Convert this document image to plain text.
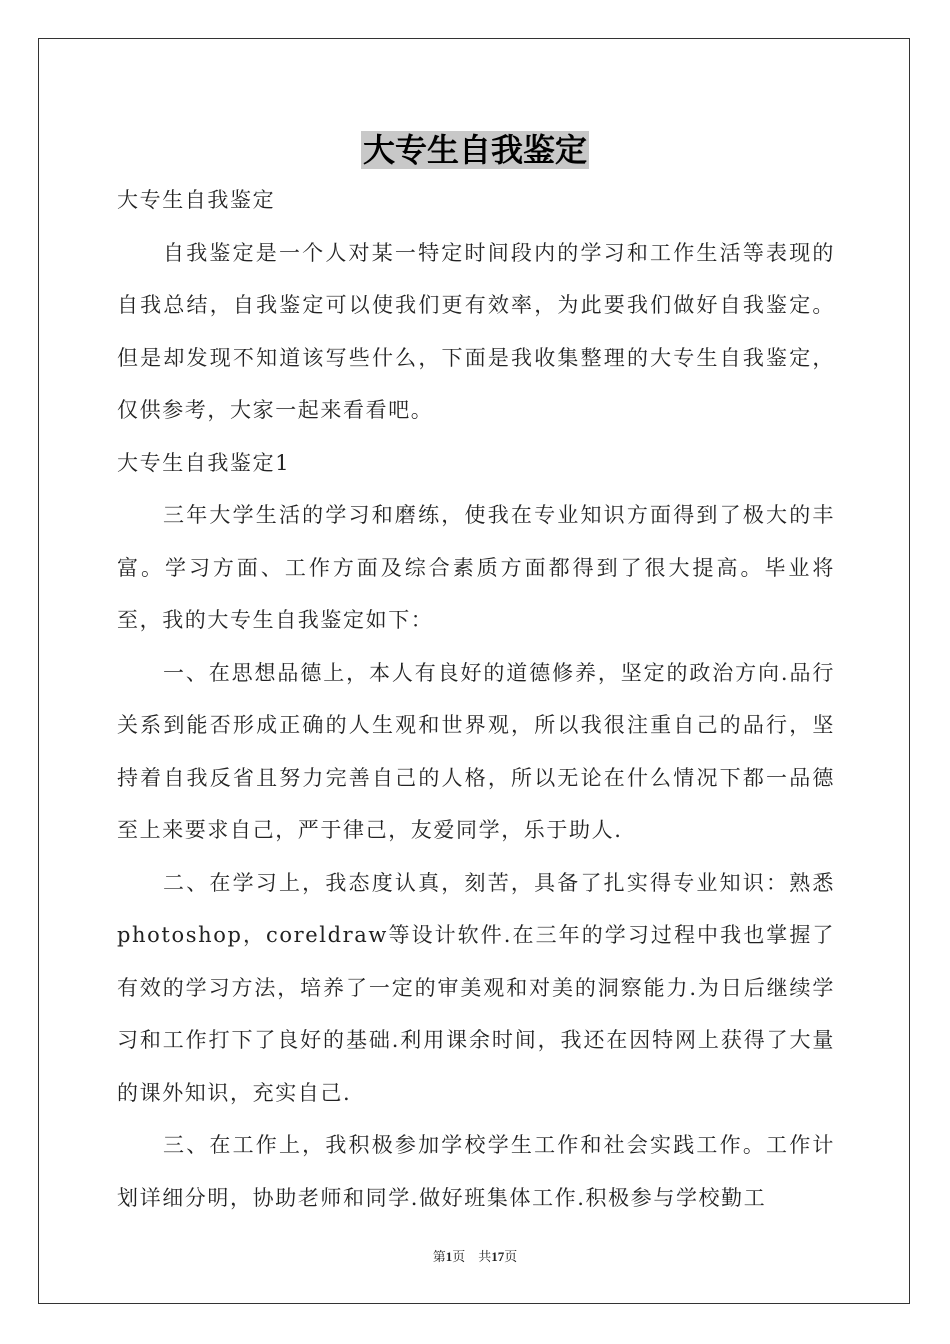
大专生自我鉴定

大专生自我鉴定

自我鉴定是一个人对某一特定时间段内的学习和工作生活等表现的自我总结，自我鉴定可以使我们更有效率，为此要我们做好自我鉴定。但是却发现不知道该写些什么，下面是我收集整理的大专生自我鉴定，仅供参考，大家一起来看看吧。

大专生自我鉴定1

三年大学生活的学习和磨练，使我在专业知识方面得到了极大的丰富。学习方面、工作方面及综合素质方面都得到了很大提高。毕业将至，我的大专生自我鉴定如下：

一、在思想品德上，本人有良好的道德修养，坚定的政治方向.品行关系到能否形成正确的人生观和世界观，所以我很注重自己的品行，坚持着自我反省且努力完善自己的人格，所以无论在什么情况下都一品德至上来要求自己，严于律己，友爱同学，乐于助人.

二、在学习上，我态度认真，刻苦，具备了扎实得专业知识：熟悉photoshop，coreldraw等设计软件.在三年的学习过程中我也掌握了有效的学习方法，培养了一定的审美观和对美的洞察能力.为日后继续学习和工作打下了良好的基础.利用课余时间，我还在因特网上获得了大量的课外知识，充实自己.

三、在工作上，我积极参加学校学生工作和社会实践工作。工作计划详细分明，协助老师和同学.做好班集体工作.积极参与学校勤工

第1页　共17页
